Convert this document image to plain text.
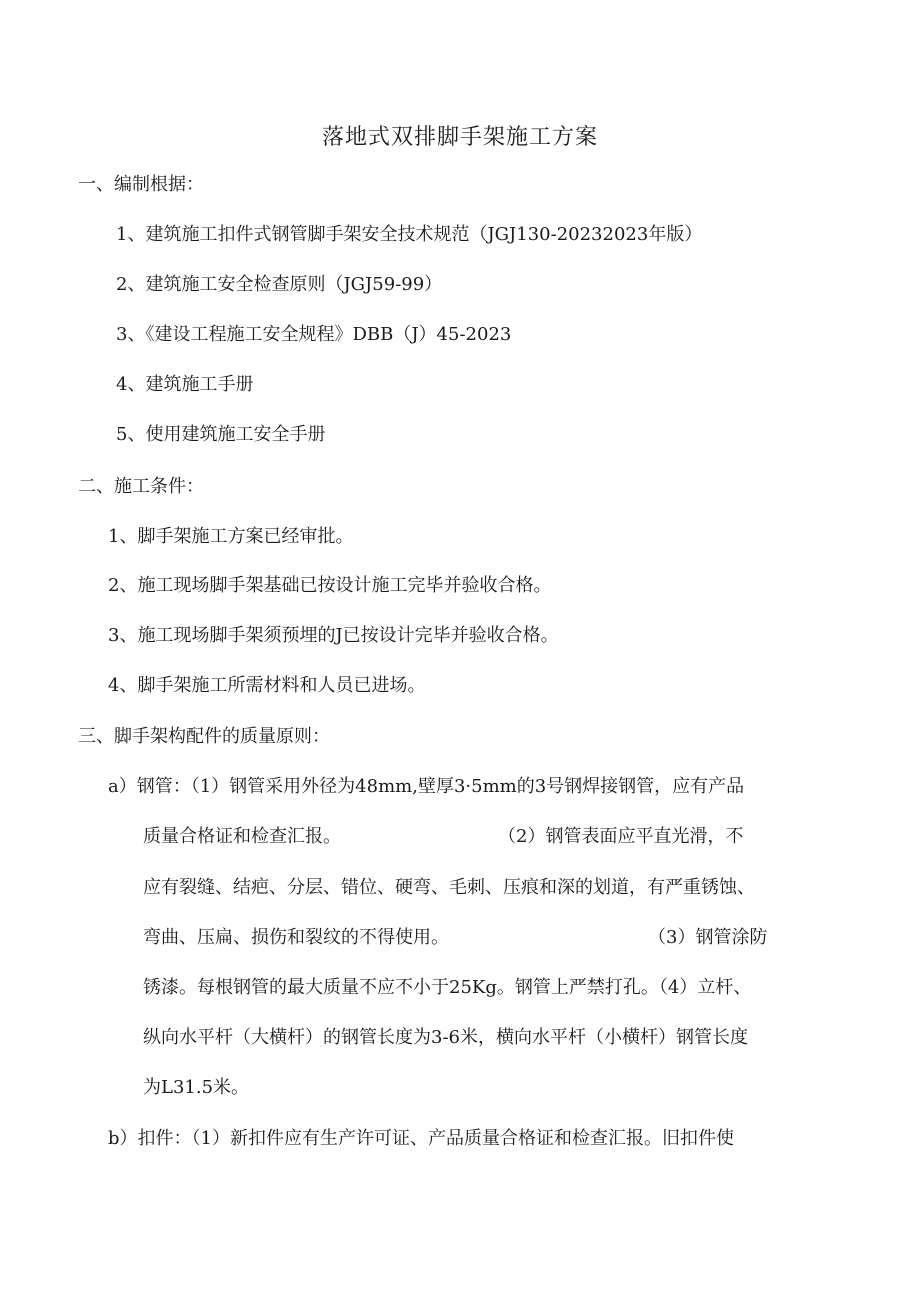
落地式双排脚手架施工方案
一、编制根据：
1、建筑施工扣件式钢管脚手架安全技术规范（JGJ130-20232023年版）
2、建筑施工安全检查原则（JGJ59-99）
3、《建设工程施工安全规程》DBB（J）45-2023
4、建筑施工手册
5、使用建筑施工安全手册
二、施工条件：
1、脚手架施工方案已经审批。
2、施工现场脚手架基础已按设计施工完毕并验收合格。
3、施工现场脚手架须预埋的J已按设计完毕并验收合格。
4、脚手架施工所需材料和人员已进场。
三、脚手架构配件的质量原则：
a）钢管：（1）钢管采用外径为48mm,壁厚3·5mm的3号钢焊接钢管，应有产品
质量合格证和检查汇报。	（2）钢管表面应平直光滑，不
应有裂缝、结疤、分层、错位、硬弯、毛刺、压痕和深的划道，有严重锈蚀、
弯曲、压扁、损伤和裂纹的不得使用。	（3）钢管涂防
锈漆。每根钢管的最大质量不应不小于25Kg。钢管上严禁打孔。（4）立杆、
纵向水平杆（大横杆）的钢管长度为3-6米，横向水平杆（小横杆）钢管长度
为L31.5米。
b）扣件：（1）新扣件应有生产许可证、产品质量合格证和检查汇报。旧扣件使
